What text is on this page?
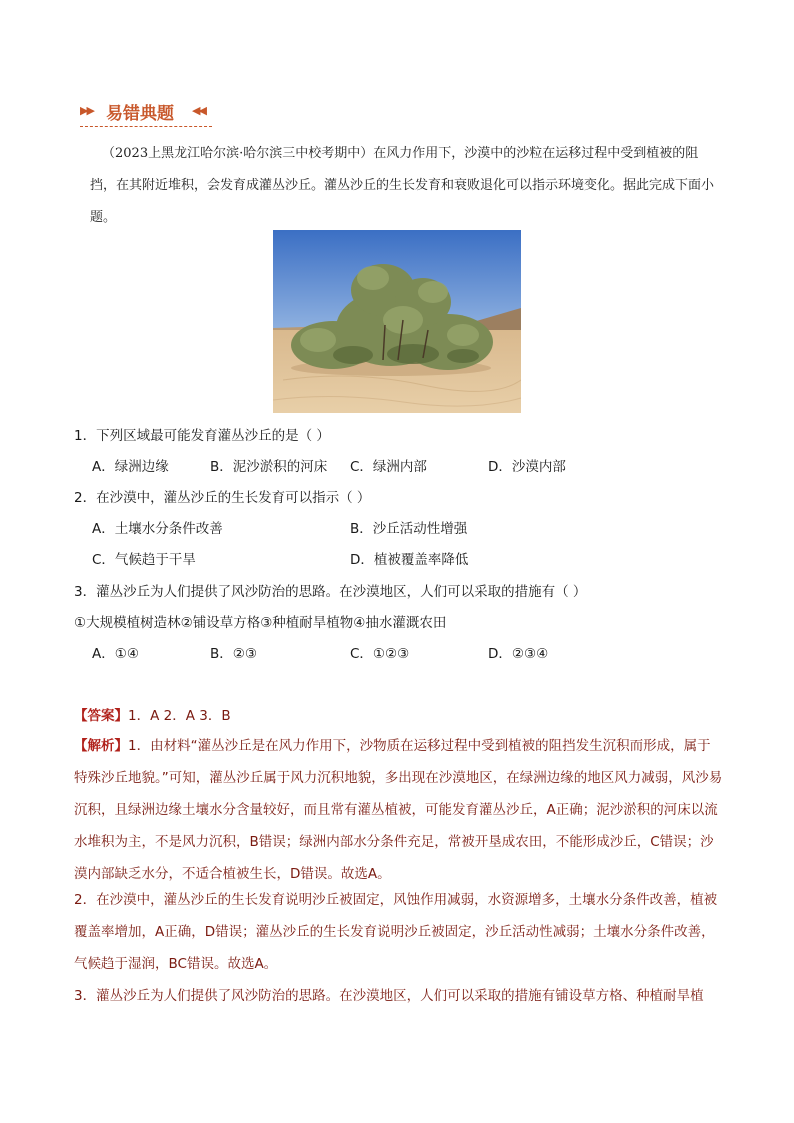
▶▶ 易错典题 ◀◀
（2023上黑龙江哈尔滨·哈尔滨三中校考期中）在风力作用下，沙漠中的沙粒在运移过程中受到植被的阻挡，在其附近堆积，会发育成灌丛沙丘。灌丛沙丘的生长发育和衰败退化可以指示环境变化。据此完成下面小题。
1．下列区域最可能发育灌丛沙丘的是（ ）
A．绿洲边缘	B．泥沙淤积的河床 C．绿洲内部	D．沙漠内部
2．在沙漠中，灌丛沙丘的生长发育可以指示（ ）
A．土壤水分条件改善	B．沙丘活动性增强
C．气候趋于干旱	D．植被覆盖率降低
3．灌丛沙丘为人们提供了风沙防治的思路。在沙漠地区，人们可以采取的措施有（ ）
①大规模植树造林②铺设草方格③种植耐旱植物④抽水灌溉农田
A．①④	B．②③	C．①②③	D．②③④
【答案】1．A 2．A 3．B
【解析】1．由材料“灌丛沙丘是在风力作用下，沙物质在运移过程中受到植被的阻挡发生沉积而形成，属于特殊沙丘地貌。”可知，灌丛沙丘属于风力沉积地貌，多出现在沙漠地区，在绿洲边缘的地区风力减弱，风沙易沉积，且绿洲边缘土壤水分含量较好，而且常有灌丛植被，可能发育灌丛沙丘，A正确；泥沙淤积的河床以流水堆积为主，不是风力沉积，B错误；绿洲内部水分条件充足，常被开垦成农田，不能形成沙丘，C错误；沙漠内部缺乏水分，不适合植被生长，D错误。故选A。
2．在沙漠中，灌丛沙丘的生长发育说明沙丘被固定，风蚀作用减弱，水资源增多，土壤水分条件改善，植被覆盖率增加，A正确，D错误；灌丛沙丘的生长发育说明沙丘被固定，沙丘活动性减弱；土壤水分条件改善，气候趋于湿润，BC错误。故选A。
3．灌丛沙丘为人们提供了风沙防治的思路。在沙漠地区，人们可以采取的措施有铺设草方格、种植耐旱植
